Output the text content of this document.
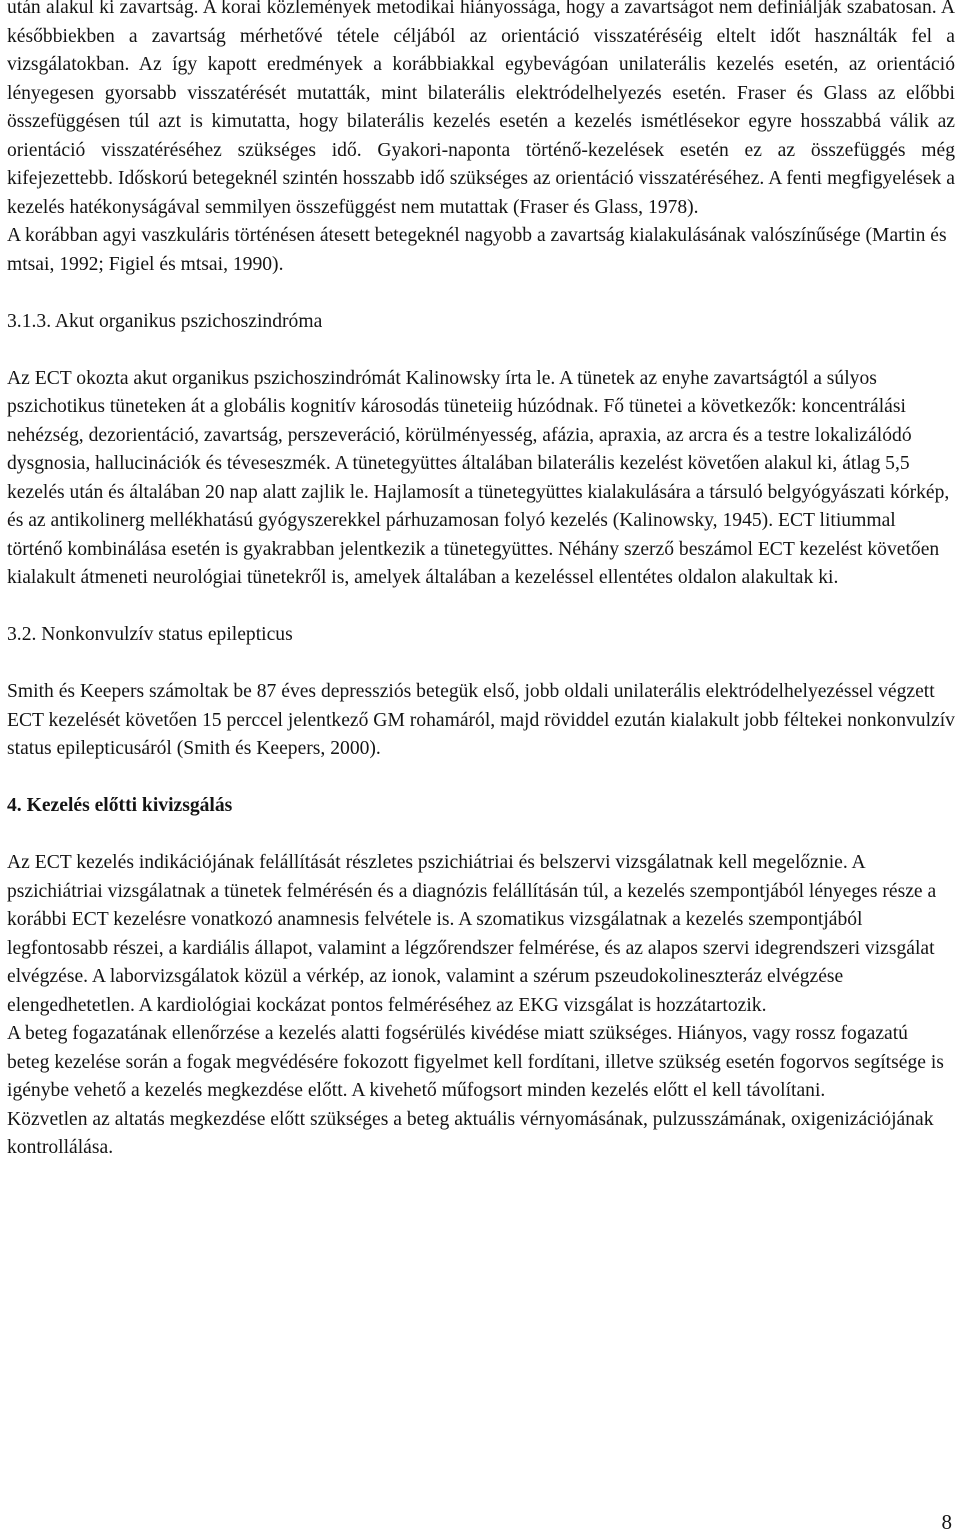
után alakul ki zavartság. A korai közlemények metodikai hiányossága, hogy a zavartságot nem definiálják szabatosan. A későbbiekben a zavartság mérhetővé tétele céljából az orientáció visszatéréséig eltelt időt használták fel a vizsgálatokban. Az így kapott eredmények a korábbiakkal egybevágóan unilaterális kezelés esetén, az orientáció lényegesen gyorsabb visszatérését mutatták, mint bilaterális elektródelhelyezés esetén. Fraser és Glass az előbbi összefüggésen túl azt is kimutatta, hogy bilaterális kezelés esetén a kezelés ismétlésekor egyre hosszabbá válik az orientáció visszatéréséhez szükséges idő. Gyakori-naponta történő-kezelések esetén ez az összefüggés még kifejezettebb. Időskorú betegeknél szintén hosszabb idő szükséges az orientáció visszatéréséhez. A fenti megfigyelések a kezelés hatékonyságával semmilyen összefüggést nem mutattak (Fraser és Glass, 1978).

A korábban agyi vaszkuláris történésen átesett betegeknél nagyobb a zavartság kialakulásának valószínűsége (Martin és mtsai, 1992; Figiel és mtsai, 1990).

3.1.3. Akut organikus pszichoszindróma

Az ECT okozta akut organikus pszichoszindrómát Kalinowsky írta le. A tünetek az enyhe zavartságtól a súlyos pszichotikus tüneteken át a globális kognitív károsodás tüneteiig húzódnak. Fő tünetei a következők: koncentrálási nehézség, dezorientáció, zavartság, perszeveráció, körülményesség, afázia, apraxia, az arcra és a testre lokalizálódó dysgnosia, hallucinációk és téveseszmék. A tünetegyüttes általában bilaterális kezelést követően alakul ki, átlag 5,5 kezelés után és általában 20 nap alatt zajlik le. Hajlamosít a tünetegyüttes kialakulására a társuló belgyógyászati kórkép, és az antikolinerg mellékhatású gyógyszerekkel párhuzamosan folyó kezelés (Kalinowsky, 1945). ECT litiummal történő kombinálása esetén is gyakrabban jelentkezik a tünetegyüttes. Néhány szerző beszámol ECT kezelést követően kialakult átmeneti neurológiai tünetekről is, amelyek általában a kezeléssel ellentétes oldalon alakultak ki.

3.2. Nonkonvulzív status epilepticus

Smith és Keepers számoltak be 87 éves depressziós betegük első, jobb oldali unilaterális elektródelhelyezéssel végzett ECT kezelését követően 15 perccel jelentkező GM rohamáról, majd röviddel ezután kialakult jobb féltekei nonkonvulzív status epilepticusáról (Smith és Keepers, 2000).

4. Kezelés előtti kivizsgálás

Az ECT kezelés indikációjának felállítását részletes pszichiátriai és belszervi vizsgálatnak kell megelőznie. A pszichiátriai vizsgálatnak a tünetek felmérésén és a diagnózis felállításán túl, a kezelés szempontjából lényeges része a korábbi ECT kezelésre vonatkozó anamnesis felvétele is. A szomatikus vizsgálatnak a kezelés szempontjából legfontosabb részei, a kardiális állapot, valamint a légzőrendszer felmérése, és az alapos szervi idegrendszeri vizsgálat elvégzése. A laborvizsgálatok közül a vérkép, az ionok, valamint a szérum pszeudokolineszteráz elvégzése elengedhetetlen. A kardiológiai kockázat pontos felméréséhez az EKG vizsgálat is hozzátartozik.

A beteg fogazatának ellenőrzése a kezelés alatti fogsérülés kivédése miatt szükséges. Hiányos, vagy rossz fogazatú beteg kezelése során a fogak megvédésére fokozott figyelmet kell fordítani, illetve szükség esetén fogorvos segítsége is igénybe vehető a kezelés megkezdése előtt. A kivehető műfogsort minden kezelés előtt el kell távolítani.

Közvetlen az altatás megkezdése előtt szükséges a beteg aktuális vérnyomásának, pulzusszámának, oxigenizációjának kontrollálása.

8
